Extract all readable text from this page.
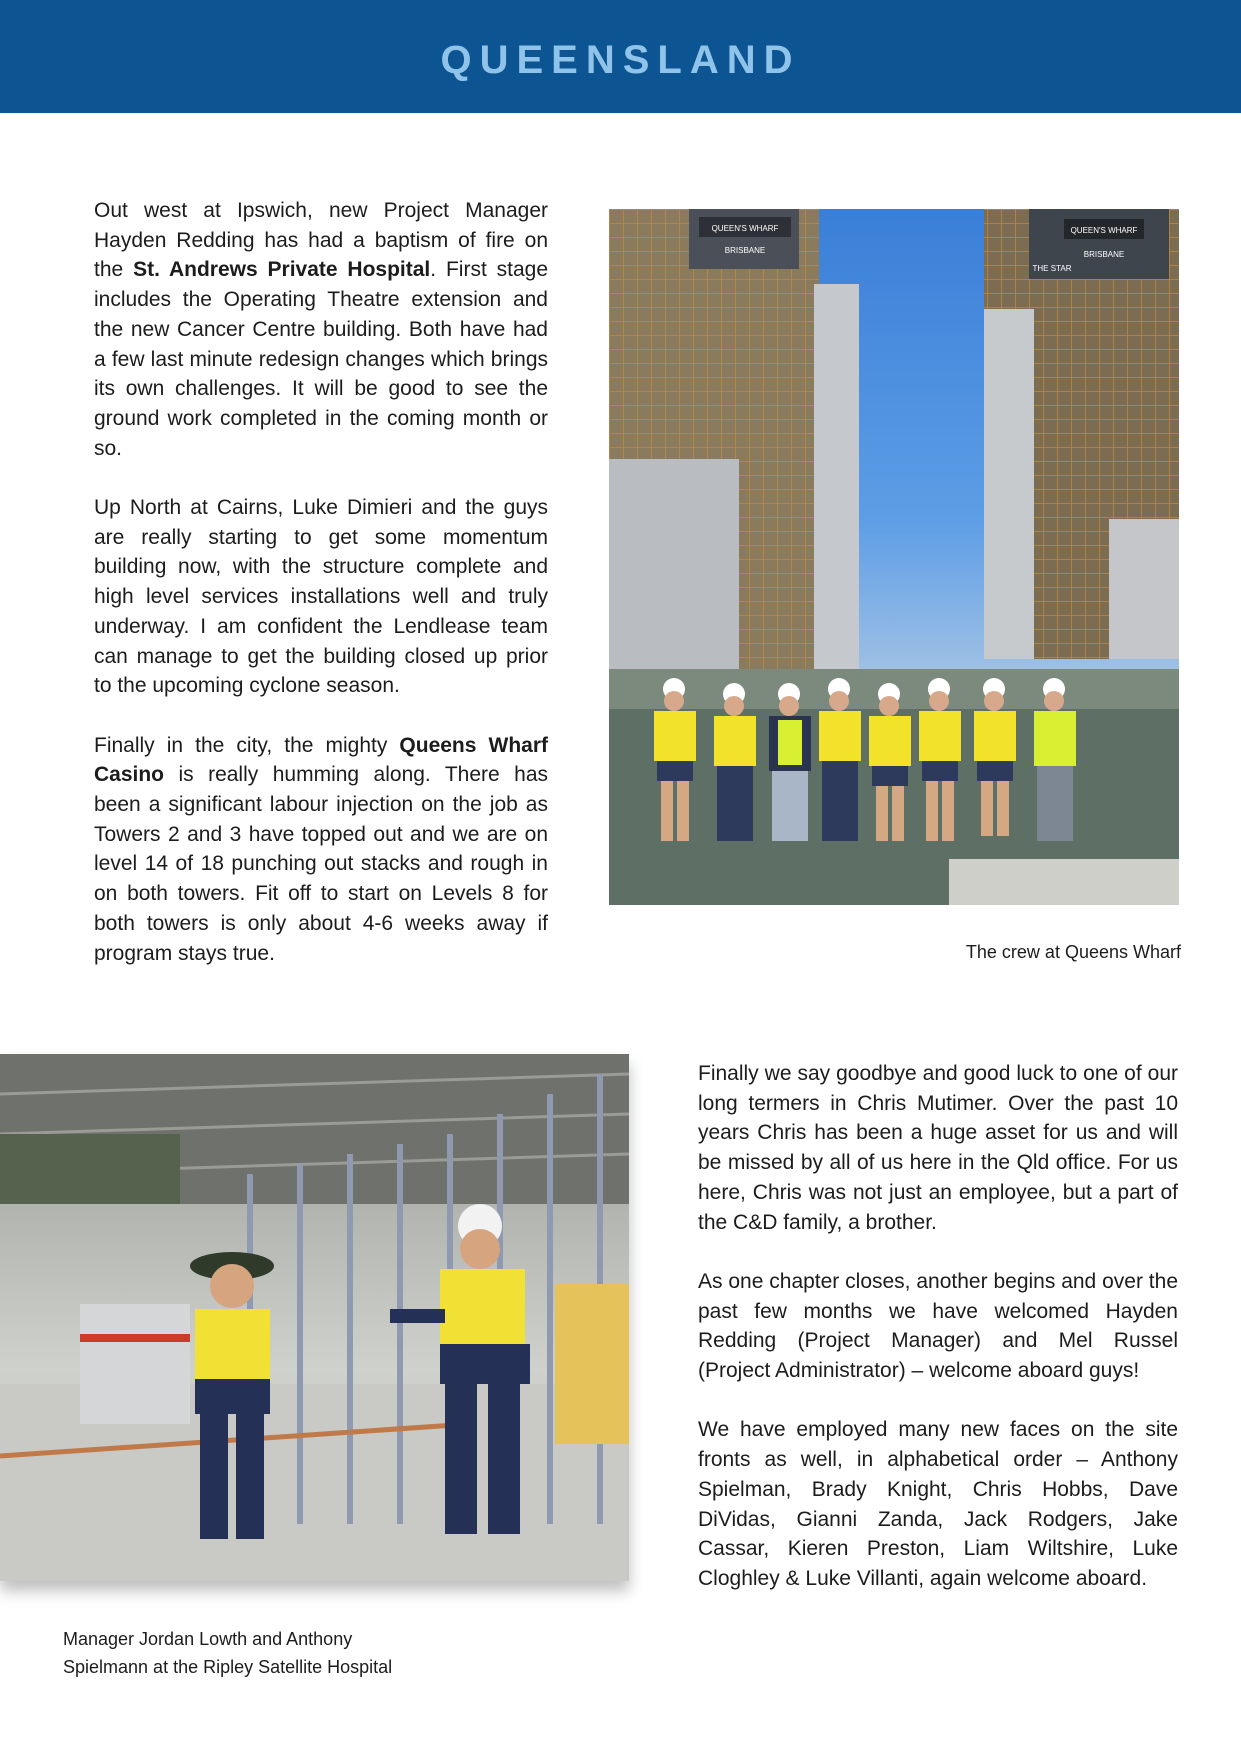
QUEENSLAND

Out west at Ipswich, new Project Manager Hayden Redding has had a baptism of fire on the St. Andrews Private Hospital. First stage includes the Operating Theatre extension and the new Cancer Centre building. Both have had a few last minute redesign changes which brings its own challenges. It will be good to see the ground work completed in the coming month or so.

Up North at Cairns, Luke Dimieri and the guys are really starting to get some momentum building now, with the structure complete and high level services installations well and truly underway. I am confident the Lendlease team can manage to get the building closed up prior to the upcoming cyclone season.

Finally in the city, the mighty Queens Wharf Casino is really humming along. There has been a significant labour injection on the job as Towers 2 and 3 have topped out and we are on level 14 of 18 punching out stacks and rough in on both towers. Fit off to start on Levels 8 for both towers is only about 4-6 weeks away if program stays true.

QUEEN'S WHARF
BRISBANE
QUEEN'S WHARF
BRISBANE
THE STAR
The crew at Queens Wharf
Manager Jordan Lowth and Anthony
Spielmann at the Ripley Satellite Hospital

Finally we say goodbye and good luck to one of our long termers in Chris Mutimer. Over the past 10 years Chris has been a huge asset for us and will be missed by all of us here in the Qld office. For us here, Chris was not just an employee, but a part of the C&D family, a brother.

As one chapter closes, another begins and over the past few months we have welcomed Hayden Redding (Project Manager) and Mel Russel (Project Administrator) – welcome aboard guys!

We have employed many new faces on the site fronts as well, in alphabetical order – Anthony Spielman, Brady Knight, Chris Hobbs, Dave DiVidas, Gianni Zanda, Jack Rodgers, Jake Cassar, Kieren Preston, Liam Wiltshire, Luke Cloghley & Luke Villanti, again welcome aboard.
